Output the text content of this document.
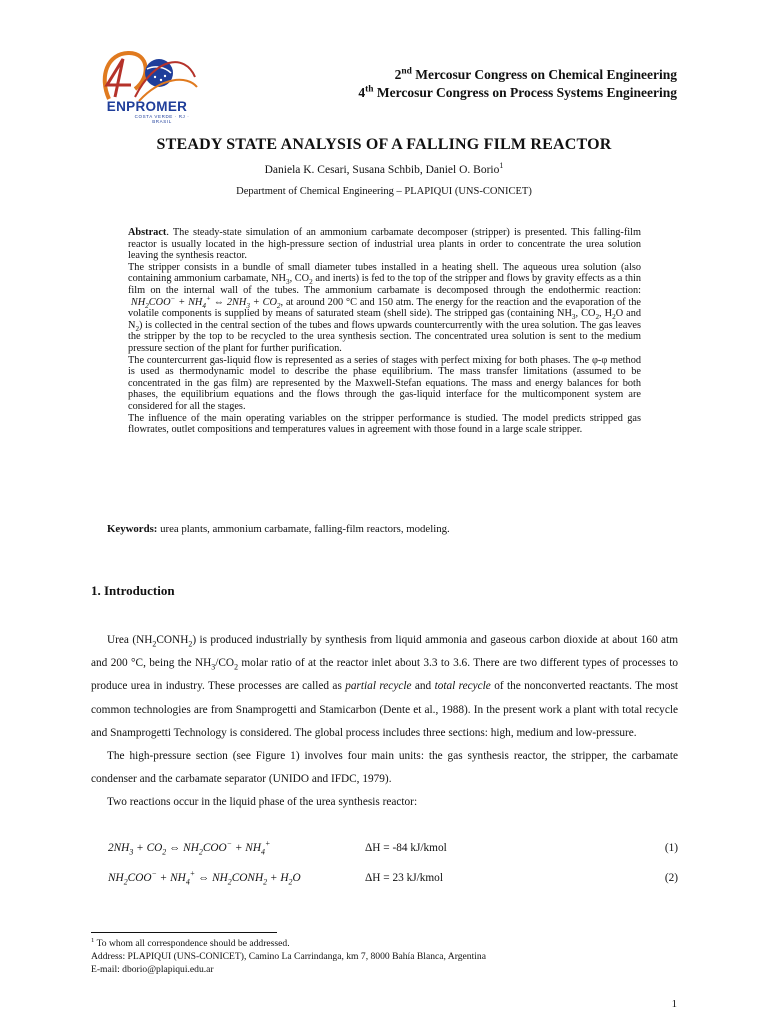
ENPROMER
COSTA VERDE · RJ · BRASIL
2nd Mercosur Congress on Chemical Engineering
4th Mercosur Congress on Process Systems Engineering
STEADY STATE ANALYSIS OF A FALLING FILM REACTOR
Daniela K. Cesari, Susana Schbib, Daniel O. Borio$^1$
Department of Chemical Engineering – PLAPIQUI (UNS-CONICET)

Abstract. The steady-state simulation of an ammonium carbamate decomposer (stripper) is presented. This falling-film reactor is usually located in the high-pressure section of industrial urea plants in order to concentrate the urea solution leaving the synthesis reactor.

The stripper consists in a bundle of small diameter tubes installed in a heating shell. The aqueous urea solution (also containing ammonium carbamate, $NH_3$, $CO_2$ and inerts) is fed to the top of the stripper and flows by gravity effects as a thin film on the internal wall of the tubes. The ammonium carbamate is decomposed through the endothermic reaction:  $NH_2COO^- + NH_4^+$ ⇔ $2NH_3 + CO_2$, at around 200 °C and 150 atm. The energy for the reaction and the evaporation of the volatile components is supplied by means of saturated steam (shell side). The stripped gas (containing $NH_3$, $CO_2$, $H_2O$ and $N_2$) is collected in the central section of the tubes and flows upwards countercurrently with the urea solution. The gas leaves the stripper by the top to be recycled to the urea synthesis section. The concentrated urea solution is sent to the medium pressure section of the plant for further purification.

The countercurrent gas-liquid flow is represented as a series of stages with perfect mixing for both phases. The φ-φ method is used as thermodynamic model to describe the phase equilibrium. The mass transfer limitations (assumed to be concentrated in the gas film) are represented by the Maxwell-Stefan equations. The mass and energy balances for both phases, the equilibrium equations and the flows through the gas-liquid interface for the multicomponent system are considered for all the stages.

The influence of the main operating variables on the stripper performance is studied. The model predicts stripped gas flowrates, outlet compositions and temperatures values in agreement with those found in a large scale stripper.

Keywords: urea plants, ammonium carbamate, falling-film reactors, modeling.
1. Introduction

Urea $(NH_2CONH_2)$ is produced industrially by synthesis from liquid ammonia and gaseous carbon dioxide at about 160 atm and 200 °C, being the $NH_3/CO_2$ molar ratio of at the reactor inlet about 3.3 to 3.6. There are two different types of processes to produce urea in industry. These processes are called as partial recycle and total recycle of the nonconverted reactants. The most common technologies are from Snamprogetti and Stamicarbon (Dente et al., 1988). In the present work a plant with total recycle and Snamprogetti Technology is considered. The global process includes three sections: high, medium and low-pressure.

The high-pressure section (see Figure 1) involves four main units: the gas synthesis reactor, the stripper, the carbamate condenser and the carbamate separator (UNIDO and IFDC, 1979).

Two reactions occur in the liquid phase of the urea synthesis reactor:

$2NH_3 + CO_2$ ⇔ $NH_2COO^- + NH_4^+$	ΔH = -84 kJ/kmol	(1)
$NH_2COO^- + NH_4^+$ ⇔ $NH_2CONH_2 + H_2O$	ΔH = 23 kJ/kmol	(2)
$^1$ To whom all correspondence should be addressed.
Address: PLAPIQUI (UNS-CONICET), Camino La Carrindanga, km 7, 8000 Bahía Blanca, Argentina
E-mail: dborio@plapiqui.edu.ar
1
